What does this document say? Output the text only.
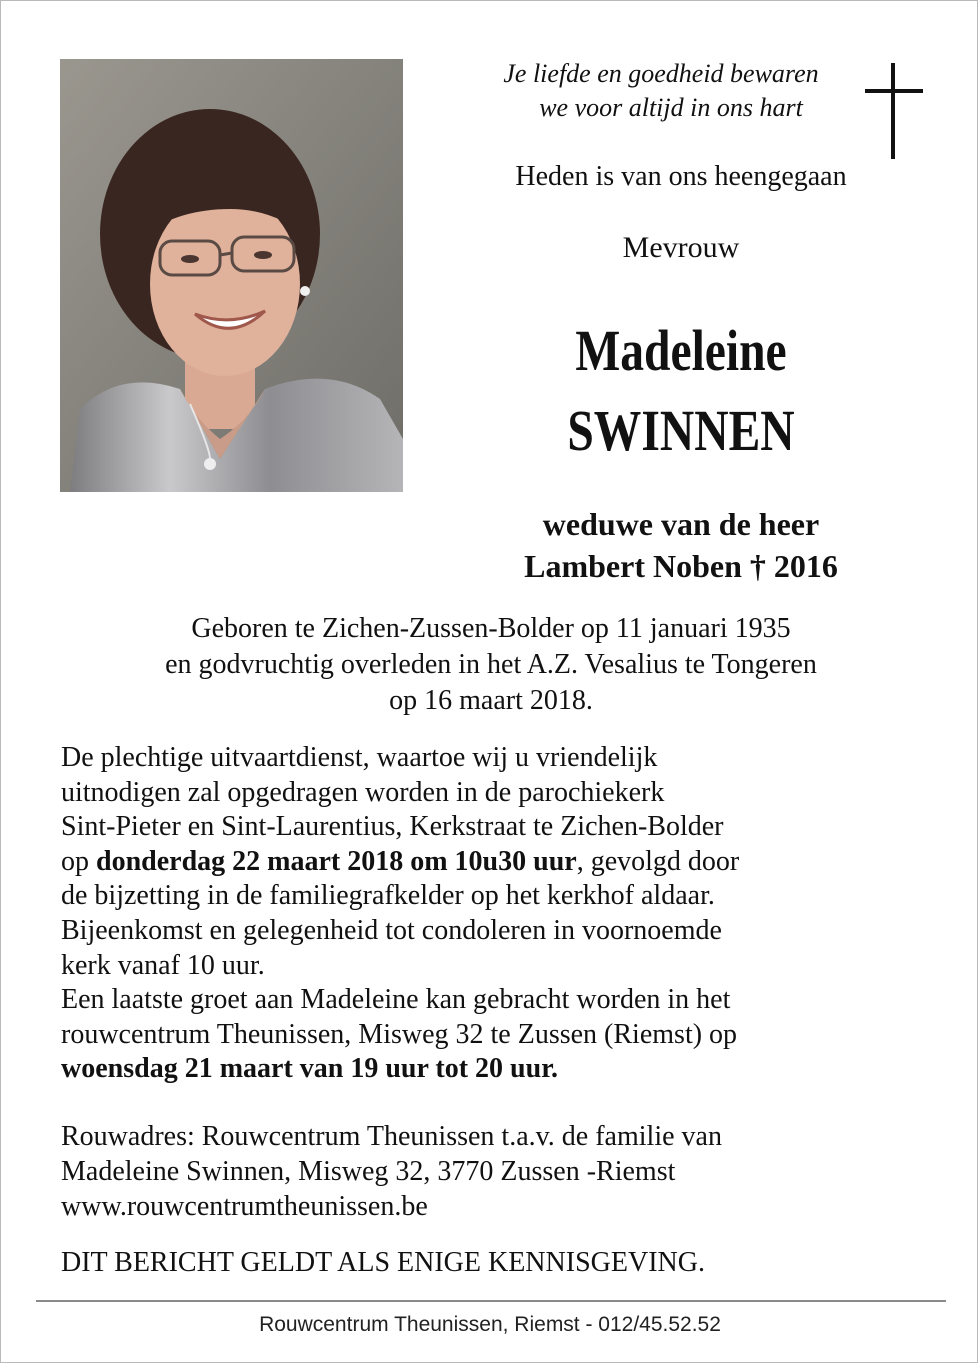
Je liefde en goedheid bewaren
we voor altijd in ons hart
Heden is van ons heengegaan
Mevrouw
Madeleine
SWINNEN
weduwe van de heer
Lambert Noben † 2016
Geboren te Zichen-Zussen-Bolder op 11 januari 1935
en godvruchtig overleden in het A.Z. Vesalius te Tongeren
op 16 maart 2018.
De plechtige uitvaartdienst, waartoe wij u vriendelijk
uitnodigen zal opgedragen worden in de parochiekerk
Sint-Pieter en Sint-Laurentius, Kerkstraat te Zichen-Bolder
op donderdag 22 maart 2018 om 10u30 uur, gevolgd door
de bijzetting in de familiegrafkelder op het kerkhof aldaar.
Bijeenkomst en gelegenheid tot condoleren in voornoemde
kerk vanaf 10 uur.
Een laatste groet aan Madeleine kan gebracht worden in het
rouwcentrum Theunissen, Misweg 32 te Zussen (Riemst) op
woensdag 21 maart van 19 uur tot 20 uur.
Rouwadres: Rouwcentrum Theunissen t.a.v. de familie van
Madeleine Swinnen, Misweg 32, 3770 Zussen -Riemst
www.rouwcentrumtheunissen.be
DIT BERICHT GELDT ALS ENIGE KENNISGEVING.
Rouwcentrum Theunissen, Riemst - 012/45.52.52
